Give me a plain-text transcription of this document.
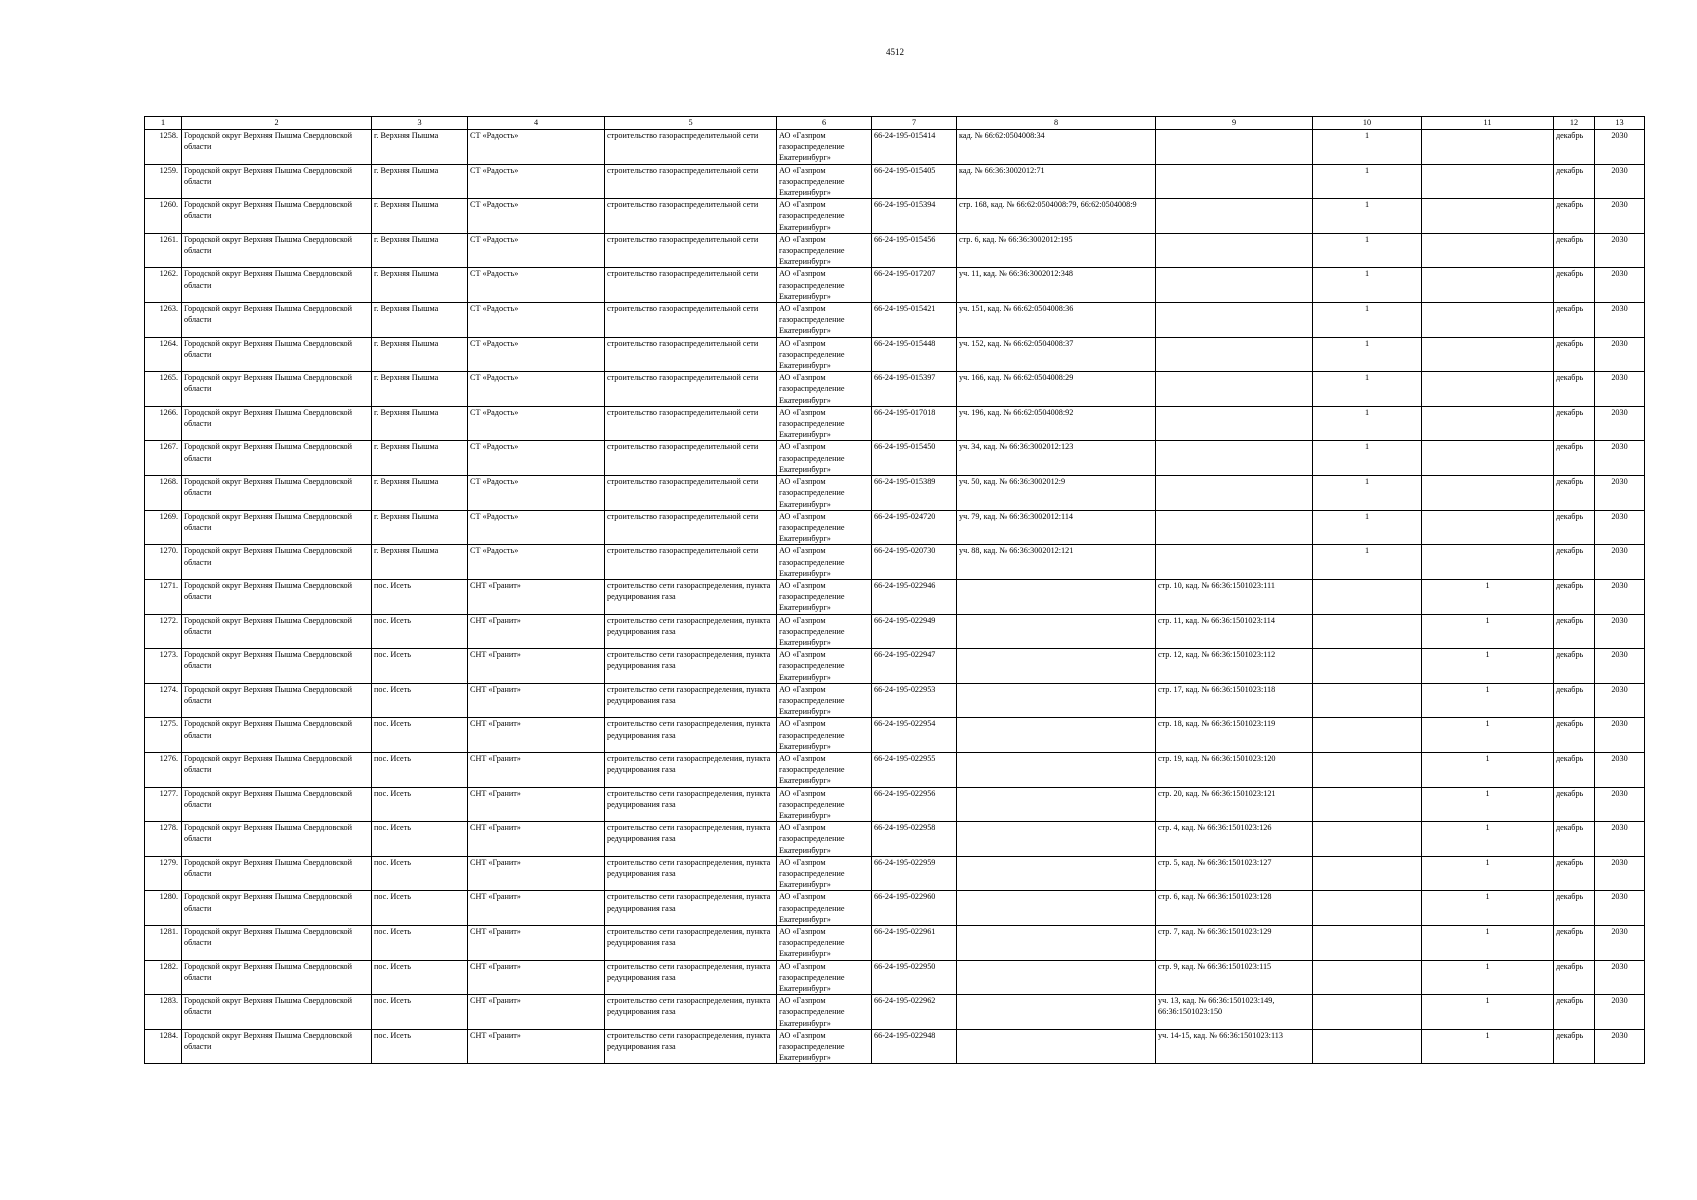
4512
1	2	3	4	5	6	7	8	9	10	11	12	13
1258.	Городской округ Верхняя Пышма Свердловской области	г. Верхняя Пышма	СТ «Радость»	строительство газораспределительной сети	АО «Газпром газораспределение Екатеринбург»	66-24-195-015414	кад. № 66:62:0504008:34		1		декабрь	2030
1259.	Городской округ Верхняя Пышма Свердловской области	г. Верхняя Пышма	СТ «Радость»	строительство газораспределительной сети	АО «Газпром газораспределение Екатеринбург»	66-24-195-015405	кад. № 66:36:3002012:71		1		декабрь	2030
1260.	Городской округ Верхняя Пышма Свердловской области	г. Верхняя Пышма	СТ «Радость»	строительство газораспределительной сети	АО «Газпром газораспределение Екатеринбург»	66-24-195-015394	стр. 168, кад. № 66:62:0504008:79, 66:62:0504008:9		1		декабрь	2030
1261.	Городской округ Верхняя Пышма Свердловской области	г. Верхняя Пышма	СТ «Радость»	строительство газораспределительной сети	АО «Газпром газораспределение Екатеринбург»	66-24-195-015456	стр. 6, кад. № 66:36:3002012:195		1		декабрь	2030
1262.	Городской округ Верхняя Пышма Свердловской области	г. Верхняя Пышма	СТ «Радость»	строительство газораспределительной сети	АО «Газпром газораспределение Екатеринбург»	66-24-195-017207	уч. 11, кад. № 66:36:3002012:348		1		декабрь	2030
1263.	Городской округ Верхняя Пышма Свердловской области	г. Верхняя Пышма	СТ «Радость»	строительство газораспределительной сети	АО «Газпром газораспределение Екатеринбург»	66-24-195-015421	уч. 151, кад. № 66:62:0504008:36		1		декабрь	2030
1264.	Городской округ Верхняя Пышма Свердловской области	г. Верхняя Пышма	СТ «Радость»	строительство газораспределительной сети	АО «Газпром газораспределение Екатеринбург»	66-24-195-015448	уч. 152, кад. № 66:62:0504008:37		1		декабрь	2030
1265.	Городской округ Верхняя Пышма Свердловской области	г. Верхняя Пышма	СТ «Радость»	строительство газораспределительной сети	АО «Газпром газораспределение Екатеринбург»	66-24-195-015397	уч. 166, кад. № 66:62:0504008:29		1		декабрь	2030
1266.	Городской округ Верхняя Пышма Свердловской области	г. Верхняя Пышма	СТ «Радость»	строительство газораспределительной сети	АО «Газпром газораспределение Екатеринбург»	66-24-195-017018	уч. 196, кад. № 66:62:0504008:92		1		декабрь	2030
1267.	Городской округ Верхняя Пышма Свердловской области	г. Верхняя Пышма	СТ «Радость»	строительство газораспределительной сети	АО «Газпром газораспределение Екатеринбург»	66-24-195-015450	уч. 34, кад. № 66:36:3002012:123		1		декабрь	2030
1268.	Городской округ Верхняя Пышма Свердловской области	г. Верхняя Пышма	СТ «Радость»	строительство газораспределительной сети	АО «Газпром газораспределение Екатеринбург»	66-24-195-015389	уч. 50, кад. № 66:36:3002012:9		1		декабрь	2030
1269.	Городской округ Верхняя Пышма Свердловской области	г. Верхняя Пышма	СТ «Радость»	строительство газораспределительной сети	АО «Газпром газораспределение Екатеринбург»	66-24-195-024720	уч. 79, кад. № 66:36:3002012:114		1		декабрь	2030
1270.	Городской округ Верхняя Пышма Свердловской области	г. Верхняя Пышма	СТ «Радость»	строительство газораспределительной сети	АО «Газпром газораспределение Екатеринбург»	66-24-195-020730	уч. 88, кад. № 66:36:3002012:121		1		декабрь	2030
1271.	Городской округ Верхняя Пышма Свердловской области	пос. Исеть	СНТ «Гранит»	строительство сети газораспределения, пункта редуцирования газа	АО «Газпром газораспределение Екатеринбург»	66-24-195-022946		стр. 10, кад. № 66:36:1501023:111		1	декабрь	2030
1272.	Городской округ Верхняя Пышма Свердловской области	пос. Исеть	СНТ «Гранит»	строительство сети газораспределения, пункта редуцирования газа	АО «Газпром газораспределение Екатеринбург»	66-24-195-022949		стр. 11, кад. № 66:36:1501023:114		1	декабрь	2030
1273.	Городской округ Верхняя Пышма Свердловской области	пос. Исеть	СНТ «Гранит»	строительство сети газораспределения, пункта редуцирования газа	АО «Газпром газораспределение Екатеринбург»	66-24-195-022947		стр. 12, кад. № 66:36:1501023:112		1	декабрь	2030
1274.	Городской округ Верхняя Пышма Свердловской области	пос. Исеть	СНТ «Гранит»	строительство сети газораспределения, пункта редуцирования газа	АО «Газпром газораспределение Екатеринбург»	66-24-195-022953		стр. 17, кад. № 66:36:1501023:118		1	декабрь	2030
1275.	Городской округ Верхняя Пышма Свердловской области	пос. Исеть	СНТ «Гранит»	строительство сети газораспределения, пункта редуцирования газа	АО «Газпром газораспределение Екатеринбург»	66-24-195-022954		стр. 18, кад. № 66:36:1501023:119		1	декабрь	2030
1276.	Городской округ Верхняя Пышма Свердловской области	пос. Исеть	СНТ «Гранит»	строительство сети газораспределения, пункта редуцирования газа	АО «Газпром газораспределение Екатеринбург»	66-24-195-022955		стр. 19, кад. № 66:36:1501023:120		1	декабрь	2030
1277.	Городской округ Верхняя Пышма Свердловской области	пос. Исеть	СНТ «Гранит»	строительство сети газораспределения, пункта редуцирования газа	АО «Газпром газораспределение Екатеринбург»	66-24-195-022956		стр. 20, кад. № 66:36:1501023:121		1	декабрь	2030
1278.	Городской округ Верхняя Пышма Свердловской области	пос. Исеть	СНТ «Гранит»	строительство сети газораспределения, пункта редуцирования газа	АО «Газпром газораспределение Екатеринбург»	66-24-195-022958		стр. 4, кад. № 66:36:1501023:126		1	декабрь	2030
1279.	Городской округ Верхняя Пышма Свердловской области	пос. Исеть	СНТ «Гранит»	строительство сети газораспределения, пункта редуцирования газа	АО «Газпром газораспределение Екатеринбург»	66-24-195-022959		стр. 5, кад. № 66:36:1501023:127		1	декабрь	2030
1280.	Городской округ Верхняя Пышма Свердловской области	пос. Исеть	СНТ «Гранит»	строительство сети газораспределения, пункта редуцирования газа	АО «Газпром газораспределение Екатеринбург»	66-24-195-022960		стр. 6, кад. № 66:36:1501023:128		1	декабрь	2030
1281.	Городской округ Верхняя Пышма Свердловской области	пос. Исеть	СНТ «Гранит»	строительство сети газораспределения, пункта редуцирования газа	АО «Газпром газораспределение Екатеринбург»	66-24-195-022961		стр. 7, кад. № 66:36:1501023:129		1	декабрь	2030
1282.	Городской округ Верхняя Пышма Свердловской области	пос. Исеть	СНТ «Гранит»	строительство сети газораспределения, пункта редуцирования газа	АО «Газпром газораспределение Екатеринбург»	66-24-195-022950		стр. 9, кад. № 66:36:1501023:115		1	декабрь	2030
1283.	Городской округ Верхняя Пышма Свердловской области	пос. Исеть	СНТ «Гранит»	строительство сети газораспределения, пункта редуцирования газа	АО «Газпром газораспределение Екатеринбург»	66-24-195-022962		уч. 13, кад. № 66:36:1501023:149, 66:36:1501023:150		1	декабрь	2030
1284.	Городской округ Верхняя Пышма Свердловской области	пос. Исеть	СНТ «Гранит»	строительство сети газораспределения, пункта редуцирования газа	АО «Газпром газораспределение Екатеринбург»	66-24-195-022948		уч. 14-15, кад. № 66:36:1501023:113		1	декабрь	2030
